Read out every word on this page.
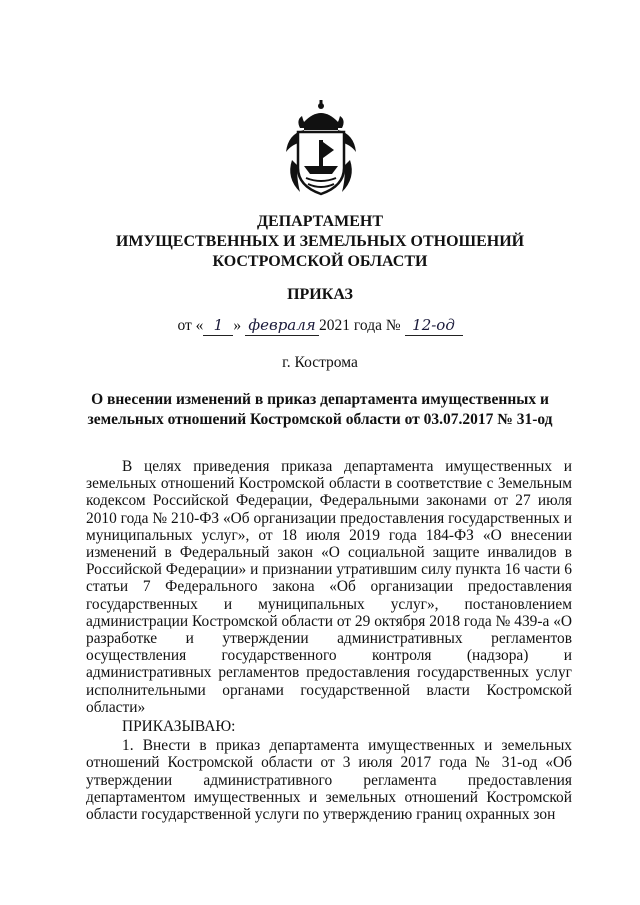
ДЕПАРТАМЕНТ
ИМУЩЕСТВЕННЫХ И ЗЕМЕЛЬНЫХ ОТНОШЕНИЙ
КОСТРОМСКОЙ ОБЛАСТИ
ПРИКАЗ
от « 1 » февраля 2021 года № 12-од
г. Кострома
О внесении изменений в приказ департамента имущественных и земельных отношений Костромской области от 03.07.2017 № 31-од

В целях приведения приказа департамента имущественных и земельных отношений Костромской области в соответствие с Земельным кодексом Российской Федерации, Федеральными законами от 27 июля 2010 года № 210-ФЗ «Об организации предоставления государственных и муниципальных услуг», от 18 июля 2019 года 184-ФЗ «О внесении изменений в Федеральный закон «О социальной защите инвалидов в Российской Федерации» и признании утратившим силу пункта 16 части 6 статьи 7 Федерального закона «Об организации предоставления государственных и муниципальных услуг», постановлением администрации Костромской области от 29 октября 2018 года № 439-а «О разработке и утверждении административных регламентов осуществления государственного контроля (надзора) и административных регламентов предоставления государственных услуг исполнительными органами государственной власти Костромской области»

ПРИКАЗЫВАЮ:

1. Внести в приказ департамента имущественных и земельных отношений Костромской области от 3 июля 2017 года № 31-од «Об утверждении административного регламента предоставления департаментом имущественных и земельных отношений Костромской области государственной услуги по утверждению границ охранных зон
